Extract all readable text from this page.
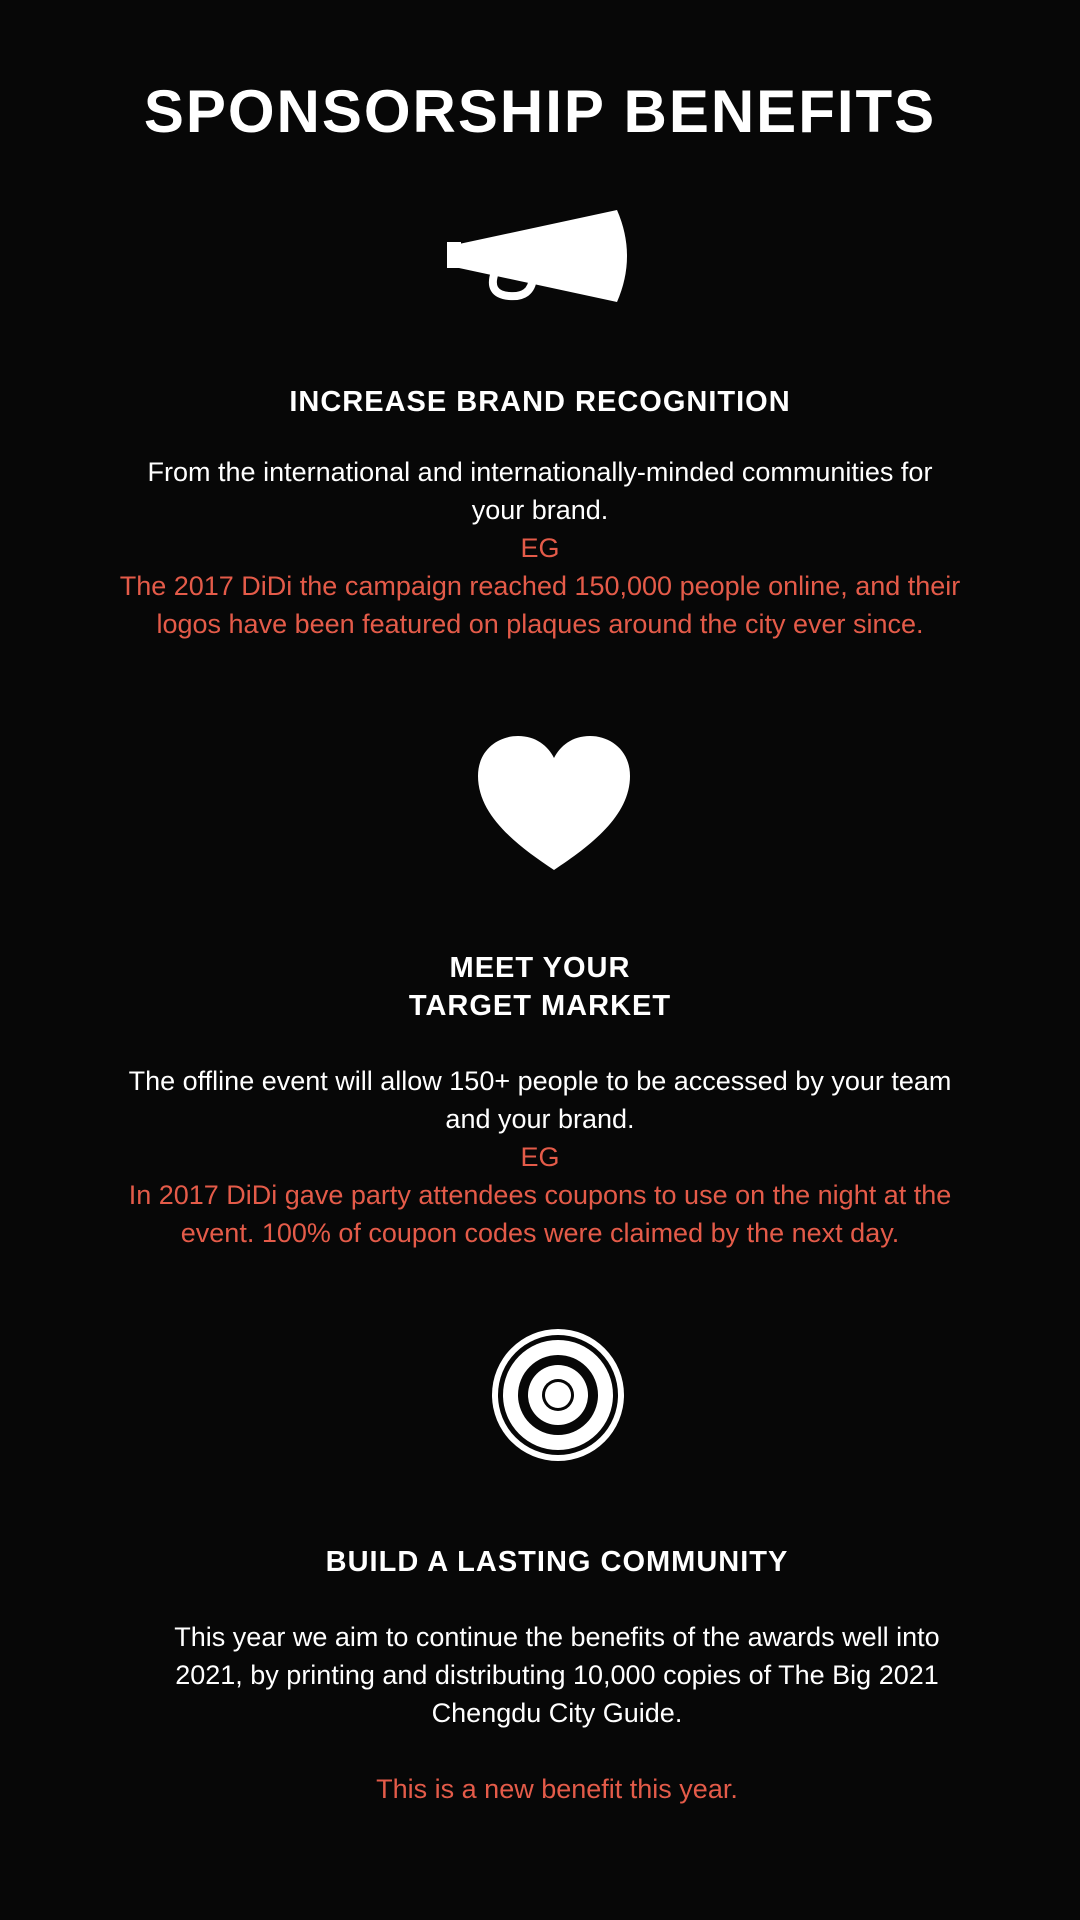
SPONSORSHIP BENEFITS
INCREASE BRAND RECOGNITION
From the international and internationally-minded communities for
your brand.
EG
The 2017 DiDi the campaign reached 150,000 people online, and their
logos have been featured on plaques around the city ever since.
MEET YOUR
TARGET MARKET
The offline event will allow 150+ people to be accessed by your team
and your brand.
EG
In 2017 DiDi gave party attendees coupons to use on the night at the
event. 100% of coupon codes were claimed by the next day.
BUILD A LASTING COMMUNITY
This year we aim to continue the benefits of the awards well into
2021, by printing and distributing 10,000 copies of The Big 2021
Chengdu City Guide.
This is a new benefit this year.
